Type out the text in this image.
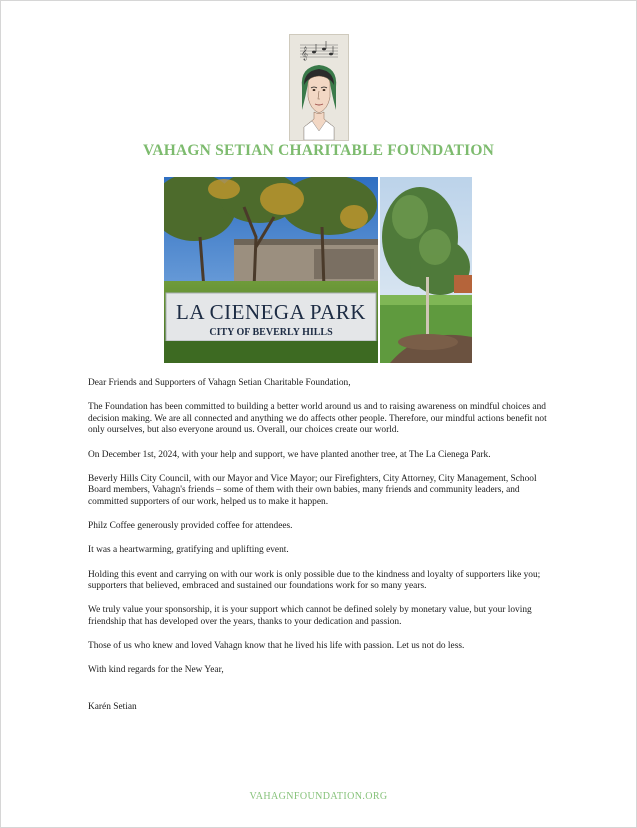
𝄞
VAHAGN SETIAN CHARITABLE FOUNDATION
LA CIENEGA PARK
CITY OF BEVERLY HILLS

Dear Friends and Supporters of Vahagn Setian Charitable Foundation,

The Foundation has been committed to building a better world around us and to raising awareness on mindful choices and decision making. We are all connected and anything we do affects other people. Therefore, our mindful actions benefit not only ourselves, but also everyone around us. Overall, our choices create our world.

On December 1st, 2024, with your help and support, we have planted another tree, at The La Cienega Park.

Beverly Hills City Council, with our Mayor and Vice Mayor; our Firefighters, City Attorney, City Management, School Board members, Vahagn's friends – some of them with their own babies, many friends and community leaders, and committed supporters of our work, helped us to make it happen.

Philz Coffee generously provided coffee for attendees.

It was a heartwarming, gratifying and uplifting event.

Holding this event and carrying on with our work is only possible due to the kindness and loyalty of supporters like you; supporters that believed, embraced and sustained our foundations work for so many years.

We truly value your sponsorship, it is your support which cannot be defined solely by monetary value, but your loving friendship that has developed over the years, thanks to your dedication and passion.

Those of us who knew and loved Vahagn know that he lived his life with passion. Let us not do less.

With kind regards for the New Year,

Karén Setian

VAHAGNFOUNDATION.ORG
